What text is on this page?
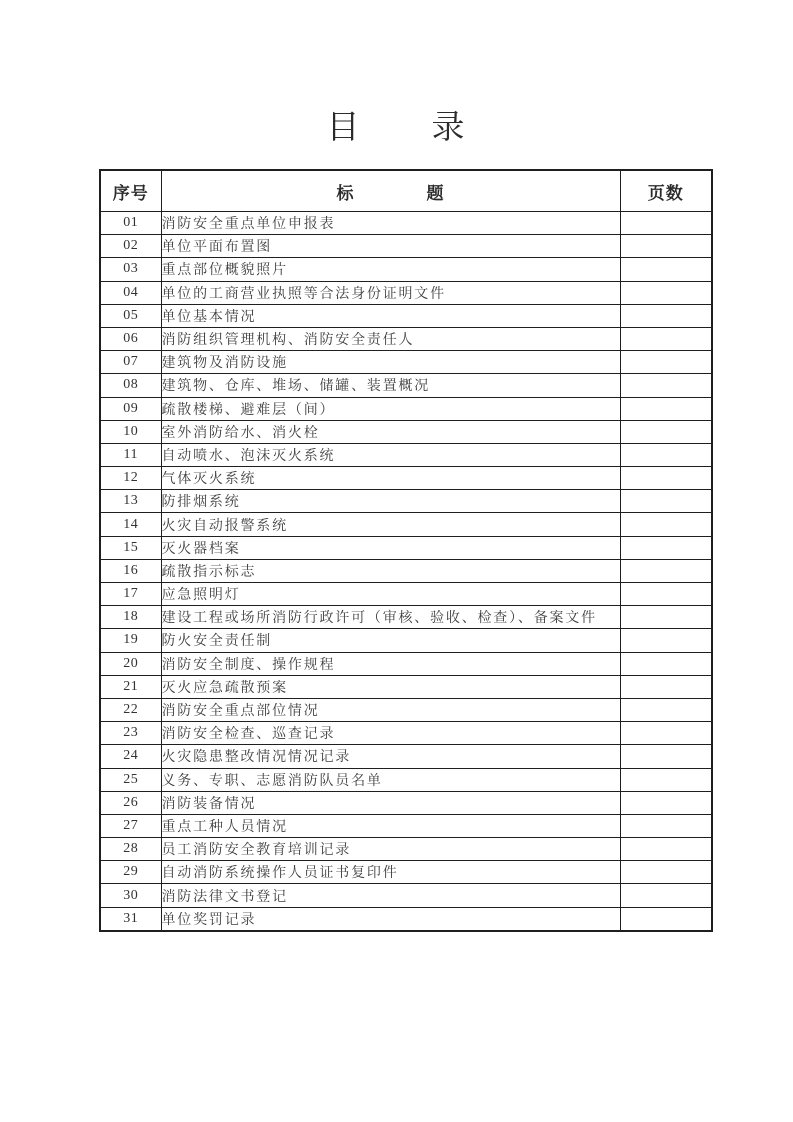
目　　录
序号	标　　　　题	页数
01	消防安全重点单位申报表	
02	单位平面布置图	
03	重点部位概貌照片	
04	单位的工商营业执照等合法身份证明文件	
05	单位基本情况	
06	消防组织管理机构、消防安全责任人	
07	建筑物及消防设施	
08	建筑物、仓库、堆场、储罐、装置概况	
09	疏散楼梯、避难层（间）	
10	室外消防给水、消火栓	
11	自动喷水、泡沫灭火系统	
12	气体灭火系统	
13	防排烟系统	
14	火灾自动报警系统	
15	灭火器档案	
16	疏散指示标志	
17	应急照明灯	
18	建设工程或场所消防行政许可（审核、验收、检查）、备案文件	
19	防火安全责任制	
20	消防安全制度、操作规程	
21	灭火应急疏散预案	
22	消防安全重点部位情况	
23	消防安全检查、巡查记录	
24	火灾隐患整改情况情况记录	
25	义务、专职、志愿消防队员名单	
26	消防装备情况	
27	重点工种人员情况	
28	员工消防安全教育培训记录	
29	自动消防系统操作人员证书复印件	
30	消防法律文书登记	
31	单位奖罚记录	
